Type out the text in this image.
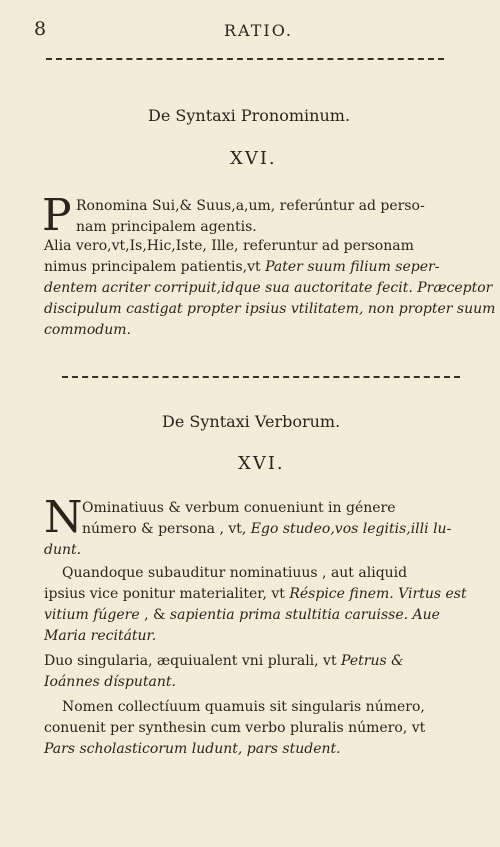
8	RATIO.
De Syntaxi Pronominum.
XVI.
P Ronomina Sui,& Suus,a,um, referúntur ad perso-
nam principalem agentis.
Alia vero,vt,Is,Hic,Iste, Ille, referuntur ad personam
nimus principalem patientis,vt Pater suum filium seper-
dentem acriter corripuit,idque sua auctoritate fecit. Præceptor
discipulum castigat propter ipsius vtilitatem, non propter suum
commodum.
De Syntaxi Verborum.
XVI.
N Ominatiuus & verbum conueniunt in génere
número & persona , vt, Ego studeo,vos legitis,illi lu-
dunt.
Quandoque subauditur nominatiuus , aut aliquid
ipsius vice ponitur materialiter, vt Réspice finem. Virtus est
vitium fúgere , & sapientia prima stultitia caruisse. Aue
Maria recitátur.
Duo singularia, æquiualent vni plurali, vt Petrus &
Ioánnes dísputant.
Nomen collectíuum quamuis sit singularis número,
conuenit per synthesin cum verbo pluralis número, vt
Pars scholasticorum ludunt, pars student.
